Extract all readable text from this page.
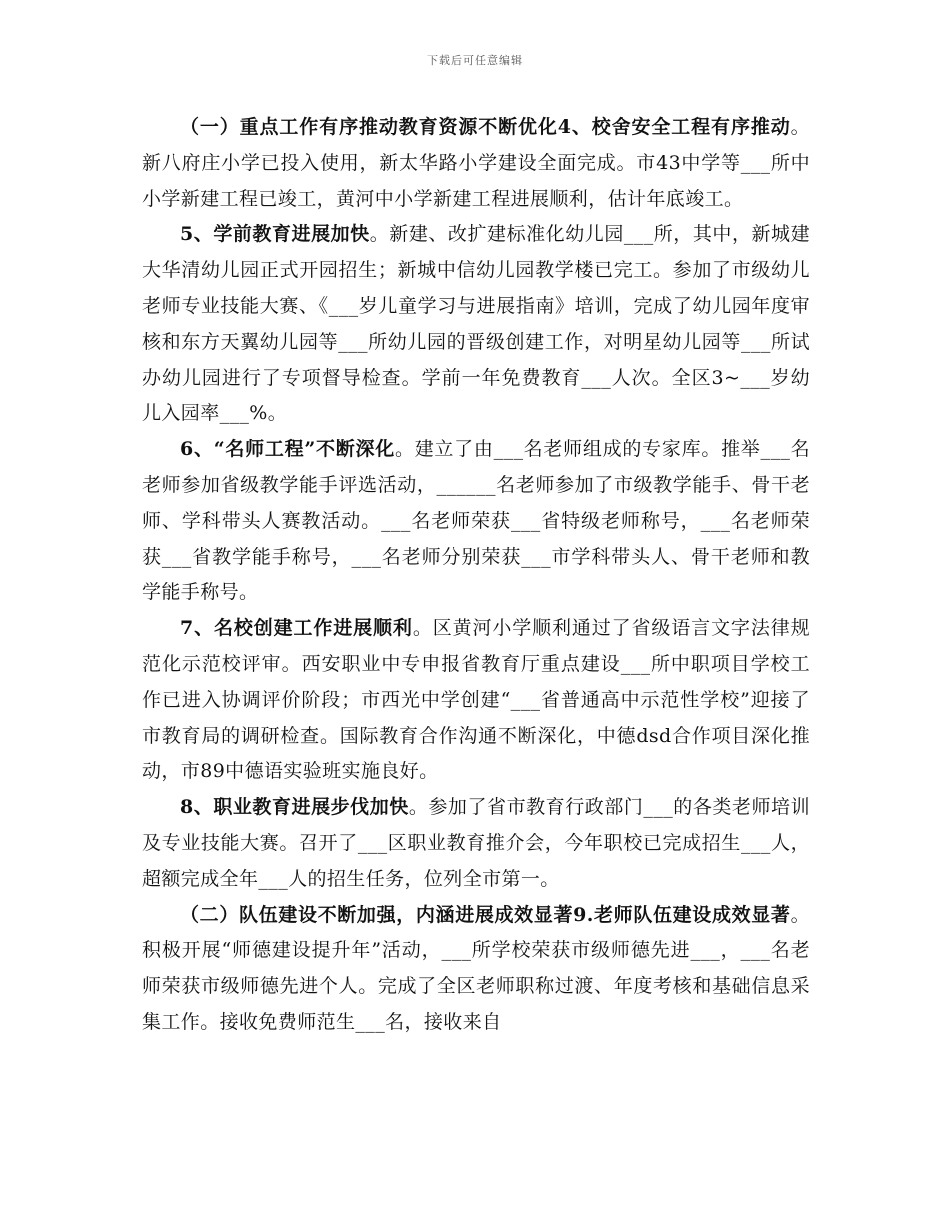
下载后可任意编辑

（一）重点工作有序推动教育资源不断优化4、校舍安全工程有序推动。新八府庄小学已投入使用，新太华路小学建设全面完成。市43中学等___所中小学新建工程已竣工，黄河中小学新建工程进展顺利，估计年底竣工。

5、学前教育进展加快。新建、改扩建标准化幼儿园___所，其中，新城建大华清幼儿园正式开园招生；新城中信幼儿园教学楼已完工。参加了市级幼儿老师专业技能大赛、《___岁儿童学习与进展指南》培训，完成了幼儿园年度审核和东方天翼幼儿园等___所幼儿园的晋级创建工作，对明星幼儿园等___所试办幼儿园进行了专项督导检查。学前一年免费教育___人次。全区3~___岁幼儿入园率___%。

6、“名师工程”不断深化。建立了由___名老师组成的专家库。推举___名老师参加省级教学能手评选活动，______名老师参加了市级教学能手、骨干老师、学科带头人赛教活动。___名老师荣获___省特级老师称号，___名老师荣获___省教学能手称号，___名老师分别荣获___市学科带头人、骨干老师和教学能手称号。

7、名校创建工作进展顺利。区黄河小学顺利通过了省级语言文字法律规范化示范校评审。西安职业中专申报省教育厅重点建设___所中职项目学校工作已进入协调评价阶段；市西光中学创建“___省普通高中示范性学校”迎接了市教育局的调研检查。国际教育合作沟通不断深化，中德dsd合作项目深化推动，市89中德语实验班实施良好。

8、职业教育进展步伐加快。参加了省市教育行政部门___的各类老师培训及专业技能大赛。召开了___区职业教育推介会，今年职校已完成招生___人，超额完成全年___人的招生任务，位列全市第一。

（二）队伍建设不断加强，内涵进展成效显著9.老师队伍建设成效显著。积极开展“师德建设提升年”活动，___所学校荣获市级师德先进___，___名老师荣获市级师德先进个人。完成了全区老师职称过渡、年度考核和基础信息采集工作。接收免费师范生___名，接收来自
